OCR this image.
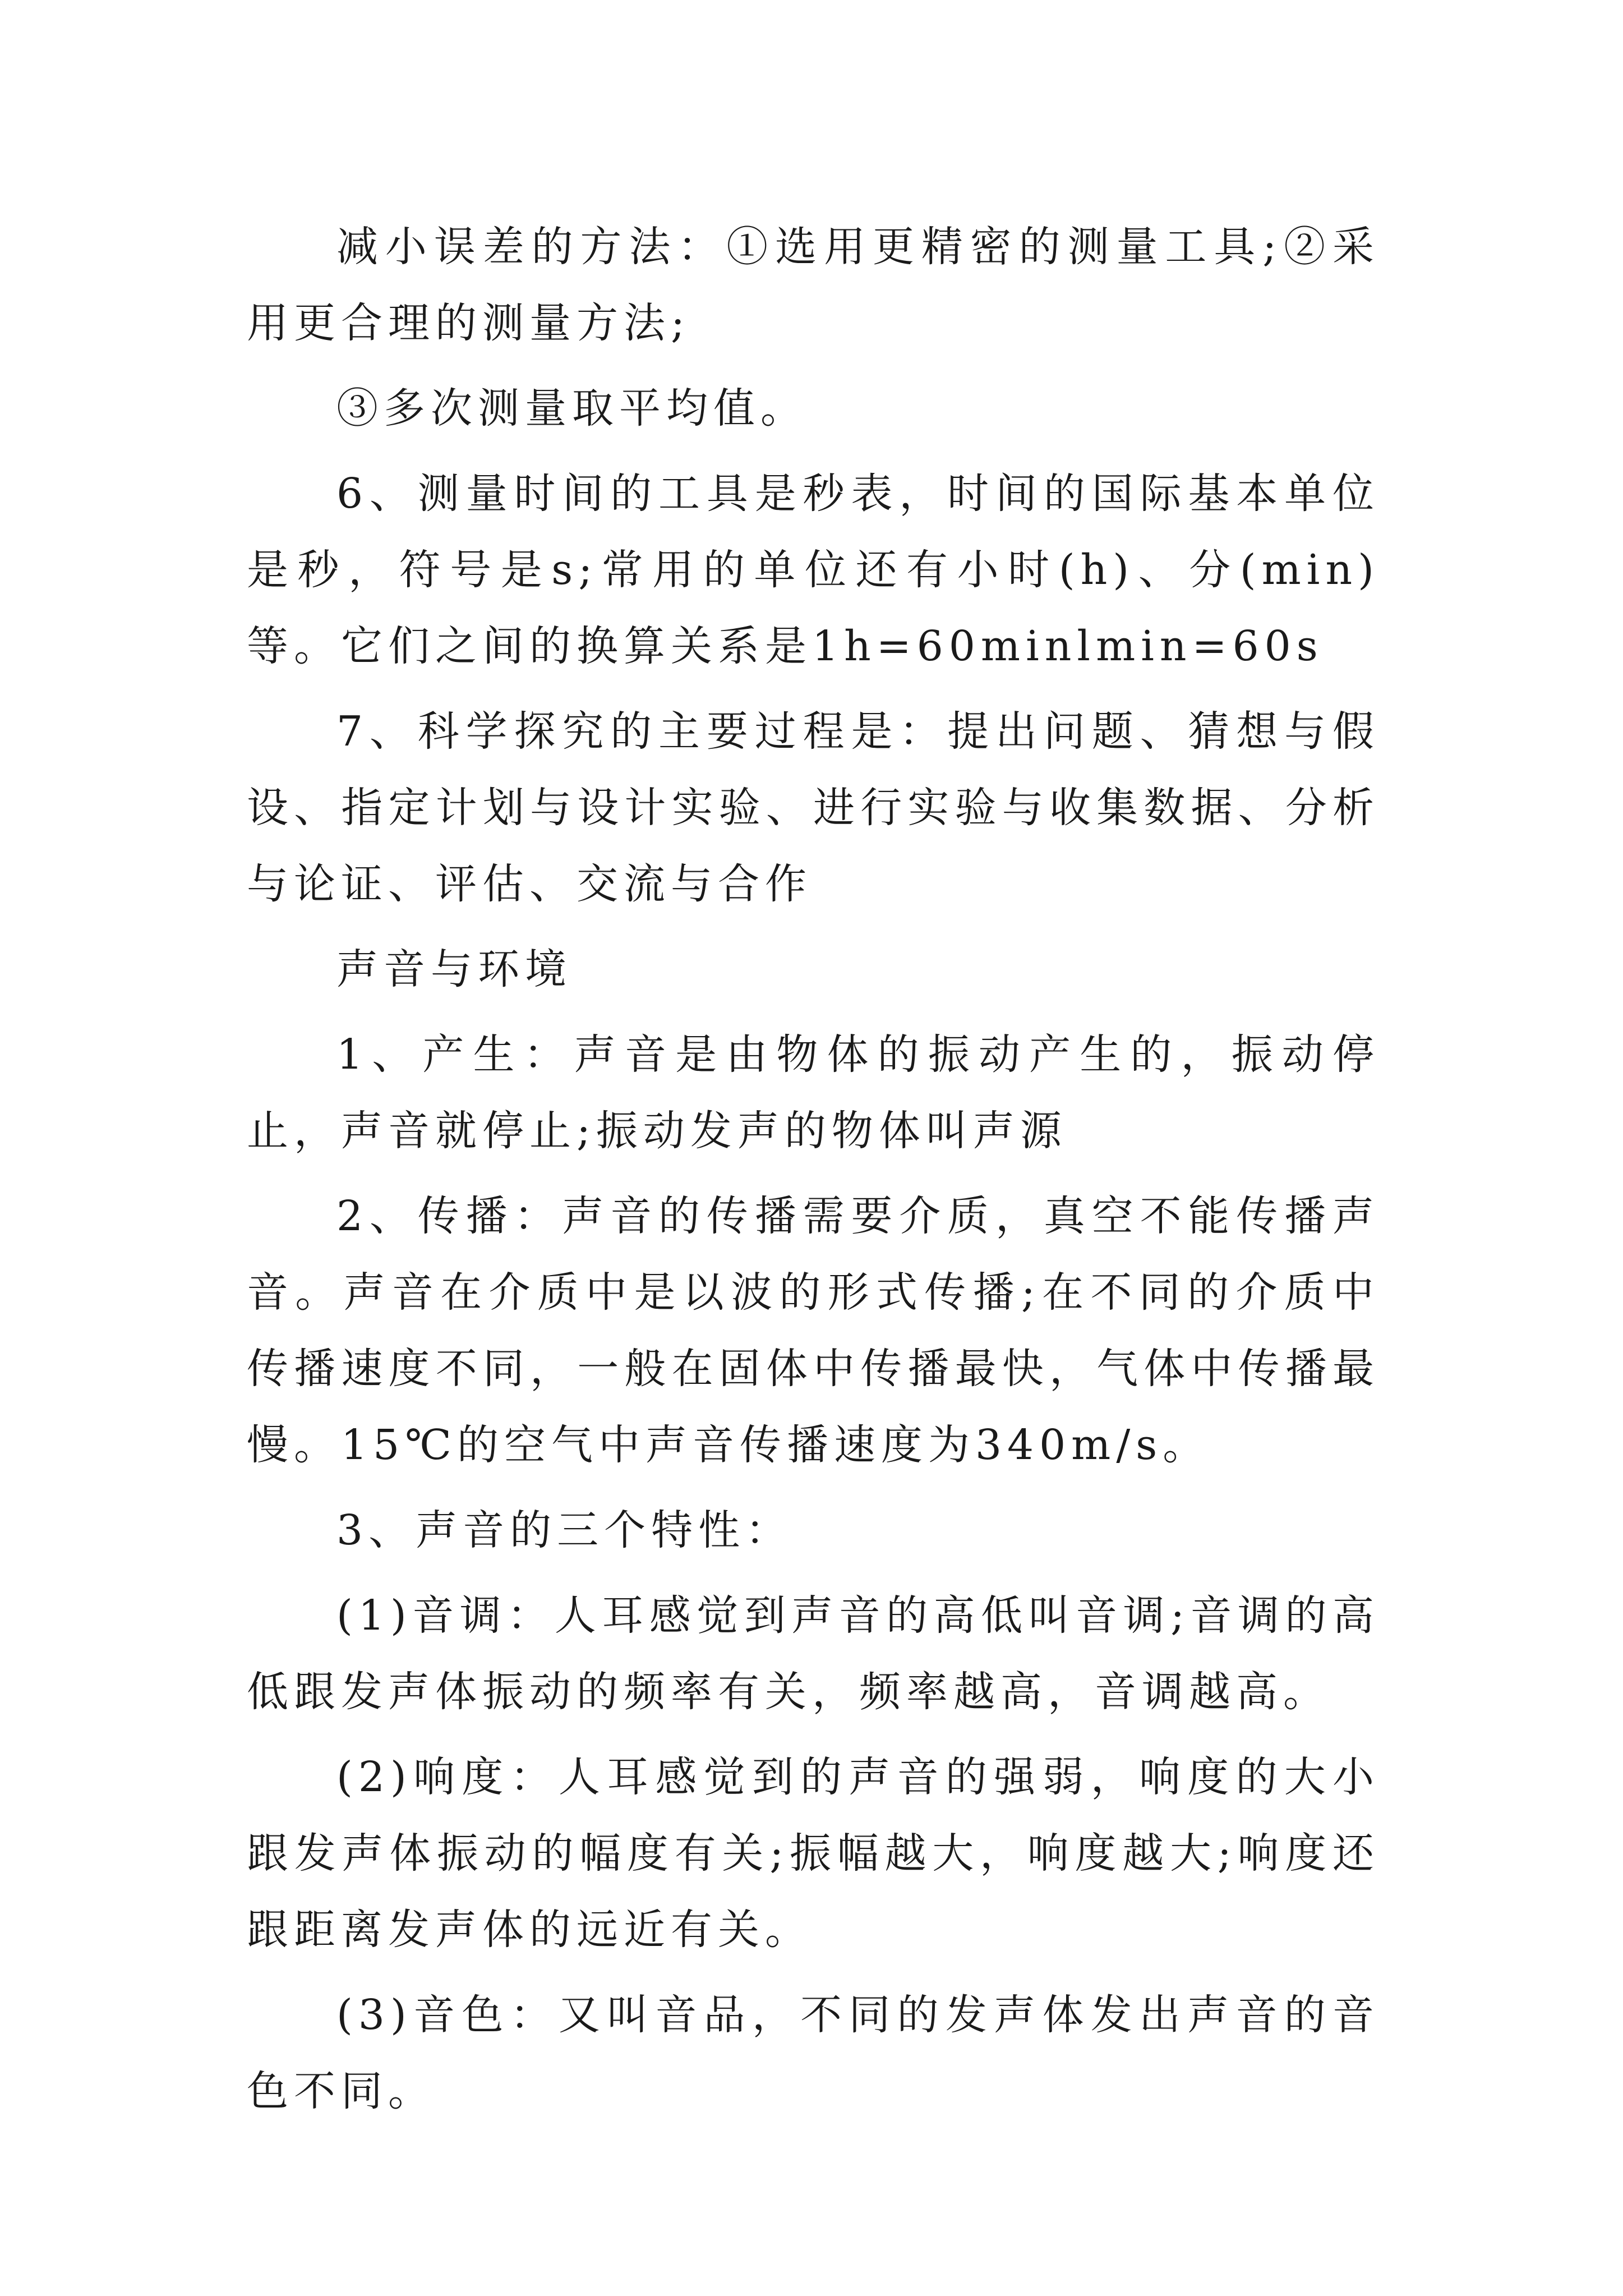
减小误差的方法：①选用更精密的测量工具;②采用更合理的测量方法;

③多次测量取平均值。

6、测量时间的工具是秒表，时间的国际基本单位是秒，符号是s;常用的单位还有小时(h)、分(min)等。它们之间的换算关系是1h=60minlmin=60s

7、科学探究的主要过程是：提出问题、猜想与假设、指定计划与设计实验、进行实验与收集数据、分析与论证、评估、交流与合作

声音与环境

1、产生：声音是由物体的振动产生的，振动停止，声音就停止;振动发声的物体叫声源

2、传播：声音的传播需要介质，真空不能传播声音。声音在介质中是以波的形式传播;在不同的介质中传播速度不同，一般在固体中传播最快，气体中传播最慢。15℃的空气中声音传播速度为340m/s。

3、声音的三个特性：

(1)音调：人耳感觉到声音的高低叫音调;音调的高低跟发声体振动的频率有关，频率越高，音调越高。

(2)响度：人耳感觉到的声音的强弱，响度的大小跟发声体振动的幅度有关;振幅越大，响度越大;响度还跟距离发声体的远近有关。

(3)音色：又叫音品，不同的发声体发出声音的音色不同。
